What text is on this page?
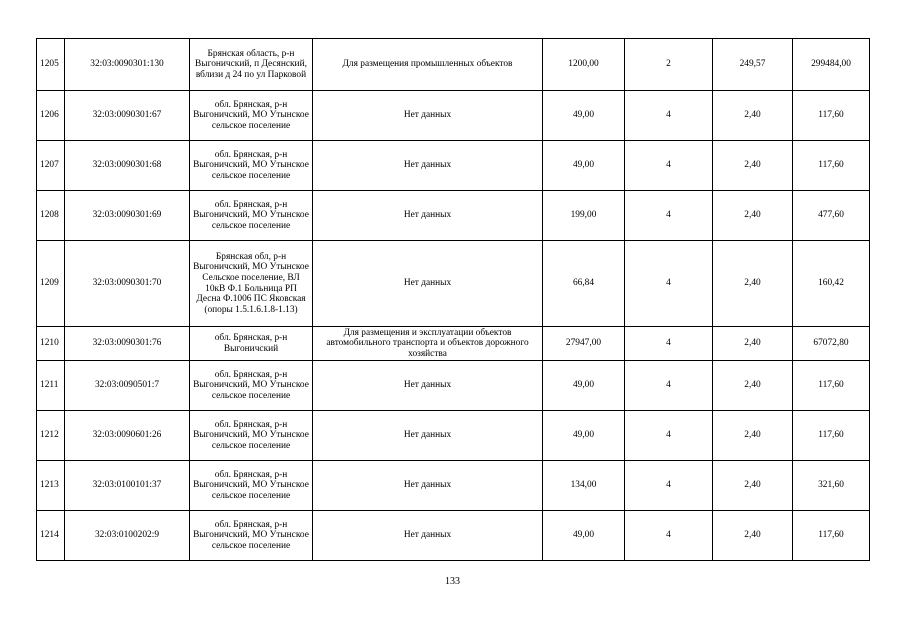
1205	32:03:0090301:130	Брянская область, р-н Выгоничский, п Десянский, вблизи д 24 по ул Парковой	Для размещения промышленных объектов	1200,00	2	249,57	299484,00
1206	32:03:0090301:67	обл. Брянская, р-н Выгоничский, МО Утынское сельское поселение	Нет данных	49,00	4	2,40	117,60
1207	32:03:0090301:68	обл. Брянская, р-н Выгоничский, МО Утынское сельское поселение	Нет данных	49,00	4	2,40	117,60
1208	32:03:0090301:69	обл. Брянская, р-н Выгоничский, МО Утынское сельское поселение	Нет данных	199,00	4	2,40	477,60
1209	32:03:0090301:70	Брянская обл, р-н Выгоничский, МО Утынское Сельское поселение, ВЛ 10кВ Ф.1 Больница РП Десна Ф.1006 ПС Яковская (опоры 1.5.1.6.1.8-1.13)	Нет данных	66,84	4	2,40	160,42
1210	32:03:0090301:76	обл. Брянская, р-н Выгоничский	Для размещения и эксплуатации объектов автомобильного транспорта и объектов дорожного хозяйства	27947,00	4	2,40	67072,80
1211	32:03:0090501:7	обл. Брянская, р-н Выгоничский, МО Утынское сельское поселение	Нет данных	49,00	4	2,40	117,60
1212	32:03:0090601:26	обл. Брянская, р-н Выгоничский, МО Утынское сельское поселение	Нет данных	49,00	4	2,40	117,60
1213	32:03:0100101:37	обл. Брянская, р-н Выгоничский, МО Утынское сельское поселение	Нет данных	134,00	4	2,40	321,60
1214	32:03:0100202:9	обл. Брянская, р-н Выгоничский, МО Утынское сельское поселение	Нет данных	49,00	4	2,40	117,60
133
